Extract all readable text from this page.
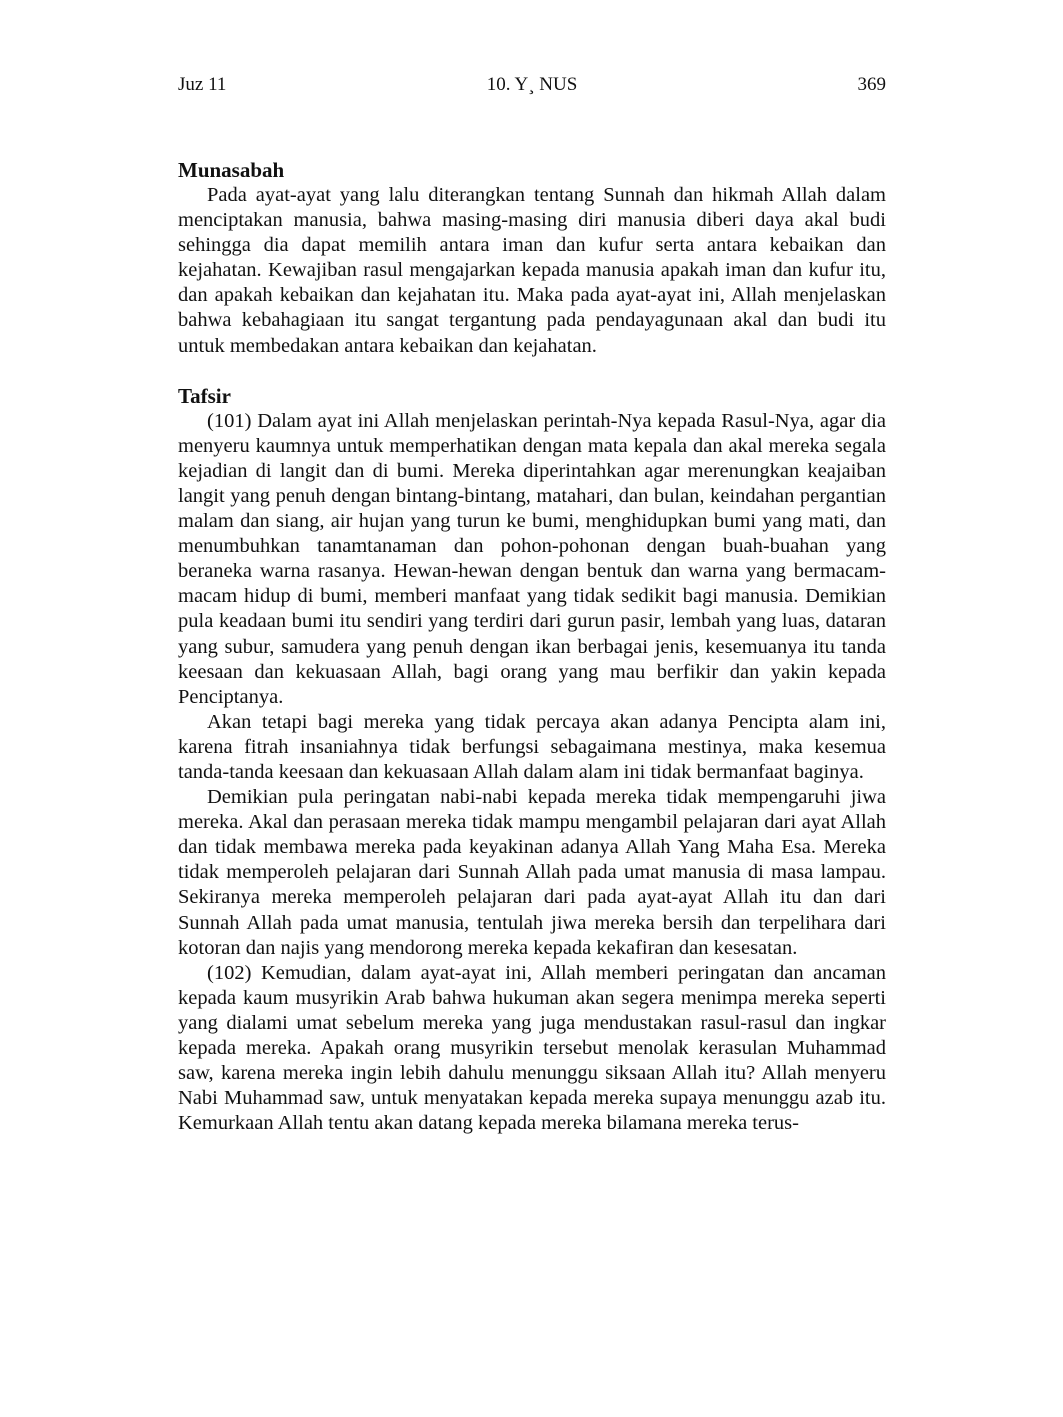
Juz 11	10. Y¸ NUS	369
Munasabah

Pada ayat-ayat yang lalu diterangkan tentang Sunnah dan hikmah Allah dalam menciptakan manusia, bahwa masing-masing diri manusia diberi daya akal budi sehingga dia dapat memilih antara iman dan kufur serta antara kebaikan dan kejahatan. Kewajiban rasul mengajarkan kepada manusia apakah iman dan kufur itu, dan apakah kebaikan dan kejahatan itu. Maka pada ayat-ayat ini, Allah menjelaskan bahwa kebahagiaan itu sangat tergantung pada pendayagunaan akal dan budi itu untuk membedakan antara kebaikan dan kejahatan.

Tafsir

(101) Dalam ayat ini Allah menjelaskan perintah-Nya kepada Rasul-Nya, agar dia menyeru kaumnya untuk memperhatikan dengan mata kepala dan akal mereka segala kejadian di langit dan di bumi. Mereka diperintahkan agar merenungkan keajaiban langit yang penuh dengan bintang-bintang, matahari, dan bulan, keindahan pergantian malam dan siang, air hujan yang turun ke bumi, menghidupkan bumi yang mati, dan menumbuhkan tanamtanaman dan pohon-pohonan dengan buah-buahan yang beraneka warna rasanya. Hewan-hewan dengan bentuk dan warna yang bermacam-macam hidup di bumi, memberi manfaat yang tidak sedikit bagi manusia. Demikian pula keadaan bumi itu sendiri yang terdiri dari gurun pasir, lembah yang luas, dataran yang subur, samudera yang penuh dengan ikan berbagai jenis, kesemuanya itu tanda keesaan dan kekuasaan Allah, bagi orang yang mau berfikir dan yakin kepada Penciptanya.

Akan tetapi bagi mereka yang tidak percaya akan adanya Pencipta alam ini, karena fitrah insaniahnya tidak berfungsi sebagaimana mestinya, maka kesemua tanda-tanda keesaan dan kekuasaan Allah dalam alam ini tidak bermanfaat baginya.

Demikian pula peringatan nabi-nabi kepada mereka tidak mempengaruhi jiwa mereka. Akal dan perasaan mereka tidak mampu mengambil pelajaran dari ayat Allah dan tidak membawa mereka pada keyakinan adanya Allah Yang Maha Esa. Mereka tidak memperoleh pelajaran dari Sunnah Allah pada umat manusia di masa lampau. Sekiranya mereka memperoleh pelajaran dari pada ayat-ayat Allah itu dan dari Sunnah Allah pada umat manusia, tentulah jiwa mereka bersih dan terpelihara dari kotoran dan najis yang mendorong mereka kepada kekafiran dan kesesatan.

(102) Kemudian, dalam ayat-ayat ini, Allah memberi peringatan dan ancaman kepada kaum musyrikin Arab bahwa hukuman akan segera menimpa mereka seperti yang dialami umat sebelum mereka yang juga mendustakan rasul-rasul dan ingkar kepada mereka. Apakah orang musyrikin tersebut menolak kerasulan Muhammad saw, karena mereka ingin lebih dahulu menunggu siksaan Allah itu? Allah menyeru Nabi Muhammad saw, untuk menyatakan kepada mereka supaya menunggu azab itu. Kemurkaan Allah tentu akan datang kepada mereka bilamana mereka terus-
